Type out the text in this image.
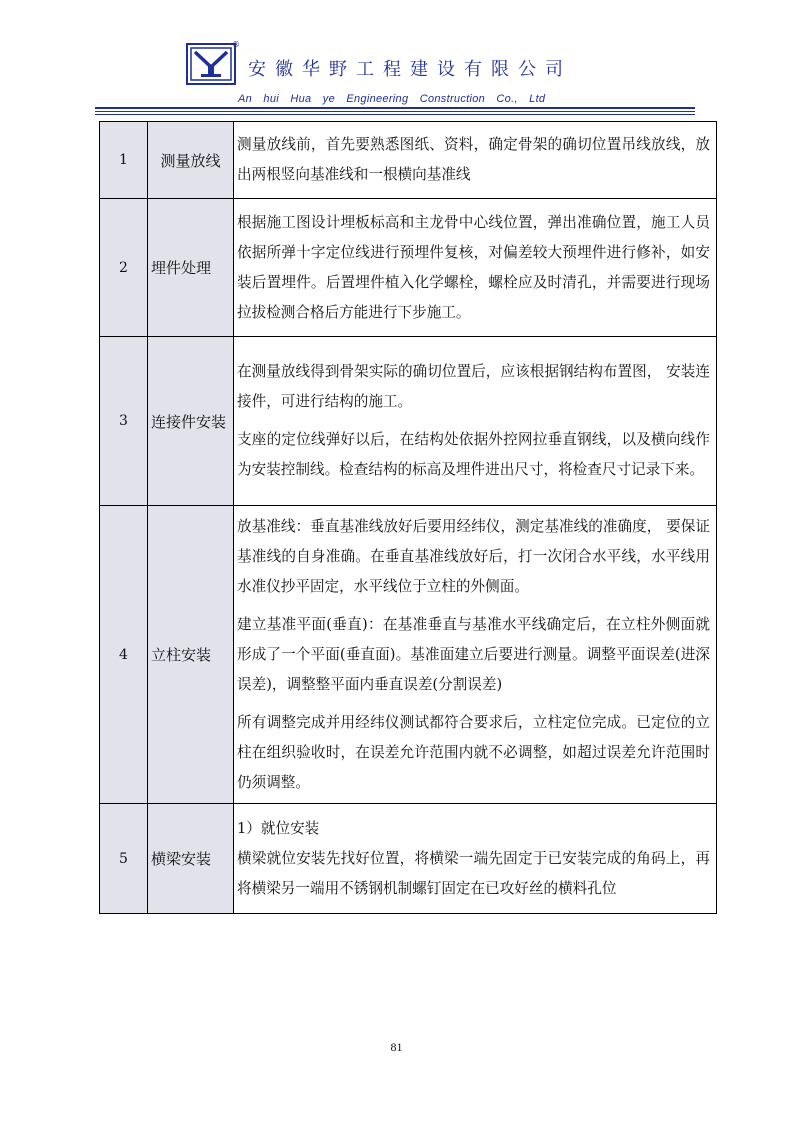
®
安徽华野工程建设有限公司
An hui Hua ye Engineering Construction Co., Ltd
1	测量放线	测量放线前，首先要熟悉图纸、资料，确定骨架的确切位置吊线放线，放出两根竖向基准线和一根横向基准线

2	埋件处理	根据施工图设计埋板标高和主龙骨中心线位置，弹出准确位置，施工人员依据所弹十字定位线进行预埋件复核，对偏差较大预埋件进行修补，如安装后置埋件。后置埋件植入化学螺栓，螺栓应及时清孔，并需要进行现场拉拔检测合格后方能进行下步施工。

3	连接件安装	在测量放线得到骨架实际的确切位置后，应该根据钢结构布置图， 安装连接件，可进行结构的施工。

支座的定位线弹好以后，在结构处依据外控网拉垂直钢线，以及横向线作为安装控制线。检查结构的标高及埋件进出尺寸，将检查尺寸记录下来。

4	立柱安装	放基准线：垂直基准线放好后要用经纬仪，测定基准线的准确度， 要保证基准线的自身准确。在垂直基准线放好后，打一次闭合水平线，水平线用水准仪抄平固定，水平线位于立柱的外侧面。

建立基准平面(垂直)：在基准垂直与基准水平线确定后，在立柱外侧面就形成了一个平面(垂直面)。基准面建立后要进行测量。调整平面误差(进深误差)，调整整平面内垂直误差(分割误差)

所有调整完成并用经纬仪测试都符合要求后，立柱定位完成。已定位的立柱在组织验收时，在误差允许范围内就不必调整，如超过误差允许范围时仍须调整。

5	横梁安装	1）就位安装

横梁就位安装先找好位置，将横梁一端先固定于已安装完成的角码上，再将横梁另一端用不锈钢机制螺钉固定在已攻好丝的横料孔位

81
